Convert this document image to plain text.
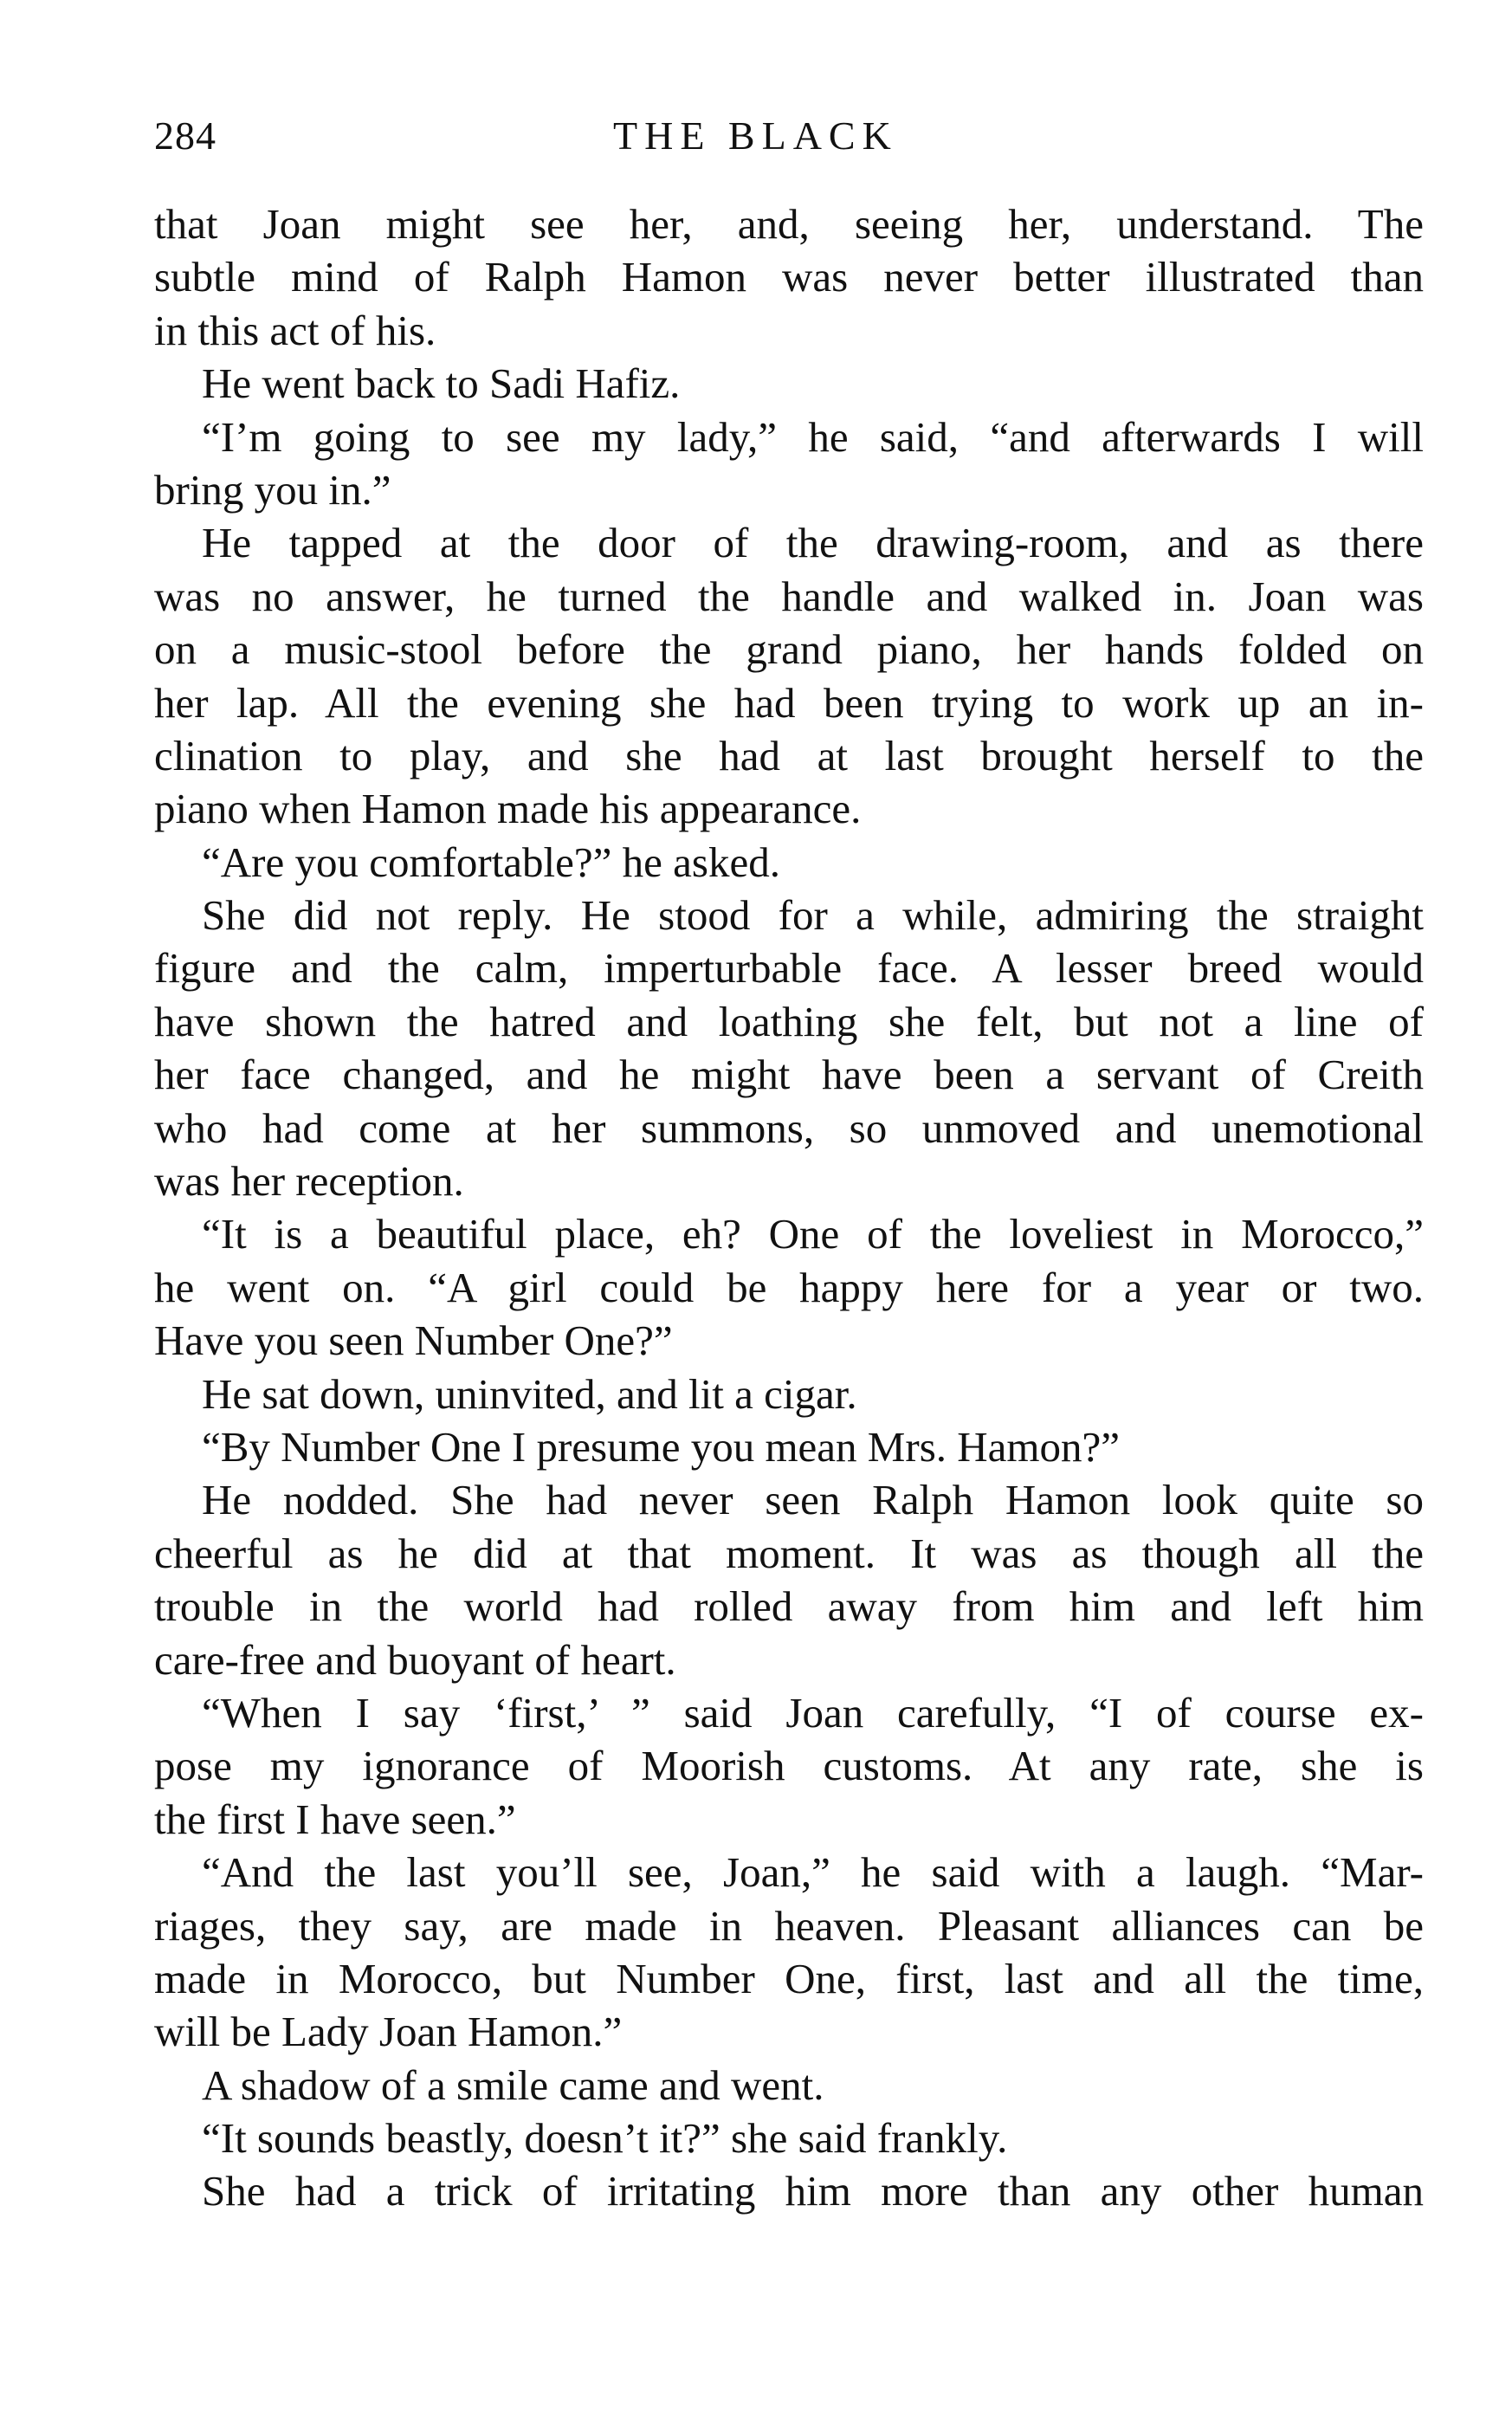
284	THE BLACK
that Joan might see her, and, seeing her, understand. The
subtle mind of Ralph Hamon was never better illustrated than
in this act of his.
He went back to Sadi Hafiz.
“I’m going to see my lady,” he said, “and afterwards I will
bring you in.”
He tapped at the door of the drawing-room, and as there
was no answer, he turned the handle and walked in. Joan was
on a music-stool before the grand piano, her hands folded on
her lap. All the evening she had been trying to work up an in-
clination to play, and she had at last brought herself to the
piano when Hamon made his appearance.
“Are you comfortable?” he asked.
She did not reply. He stood for a while, admiring the straight
figure and the calm, imperturbable face. A lesser breed would
have shown the hatred and loathing she felt, but not a line of
her face changed, and he might have been a servant of Creith
who had come at her summons, so unmoved and unemotional
was her reception.
“It is a beautiful place, eh? One of the loveliest in Morocco,”
he went on. “A girl could be happy here for a year or two.
Have you seen Number One?”
He sat down, uninvited, and lit a cigar.
“By Number One I presume you mean Mrs. Hamon?”
He nodded. She had never seen Ralph Hamon look quite so
cheerful as he did at that moment. It was as though all the
trouble in the world had rolled away from him and left him
care-free and buoyant of heart.
“When I say ‘first,’ ” said Joan carefully, “I of course ex-
pose my ignorance of Moorish customs. At any rate, she is
the first I have seen.”
“And the last you’ll see, Joan,” he said with a laugh. “Mar-
riages, they say, are made in heaven. Pleasant alliances can be
made in Morocco, but Number One, first, last and all the time,
will be Lady Joan Hamon.”
A shadow of a smile came and went.
“It sounds beastly, doesn’t it?” she said frankly.
She had a trick of irritating him more than any other human
